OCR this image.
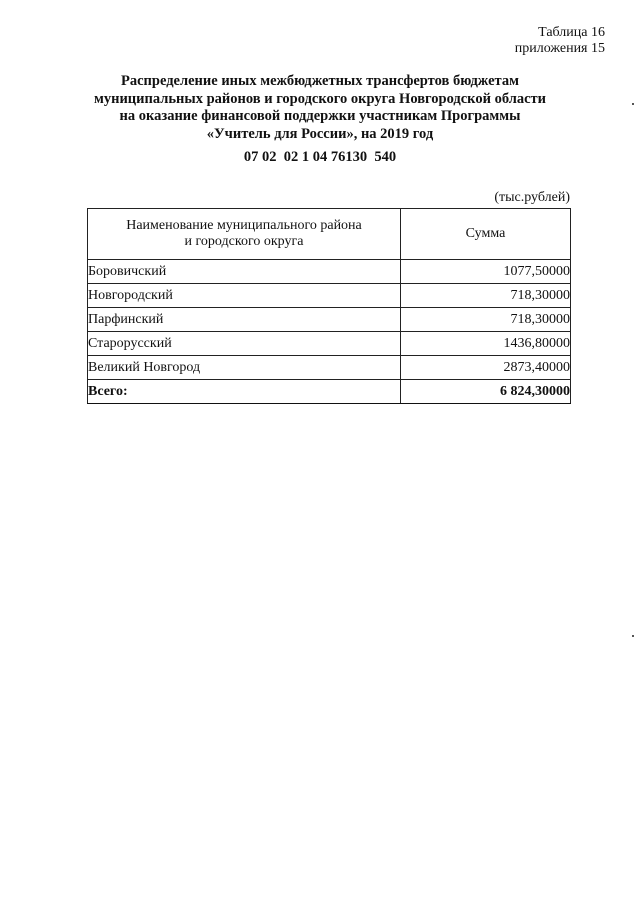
Таблица 16
приложения 15
Распределение иных межбюджетных трансфертов бюджетам
муниципальных районов и городского округа Новгородской области
на оказание финансовой поддержки участникам Программы
«Учитель для России», на 2019 год
07 02  02 1 04 76130  540
(тыс.рублей)
Наименование муниципального района
и городского округа	Сумма
Боровичский	1077,50000
Новгородский	718,30000
Парфинский	718,30000
Старорусский	1436,80000
Великий Новгород	2873,40000
Всего:	6 824,30000
